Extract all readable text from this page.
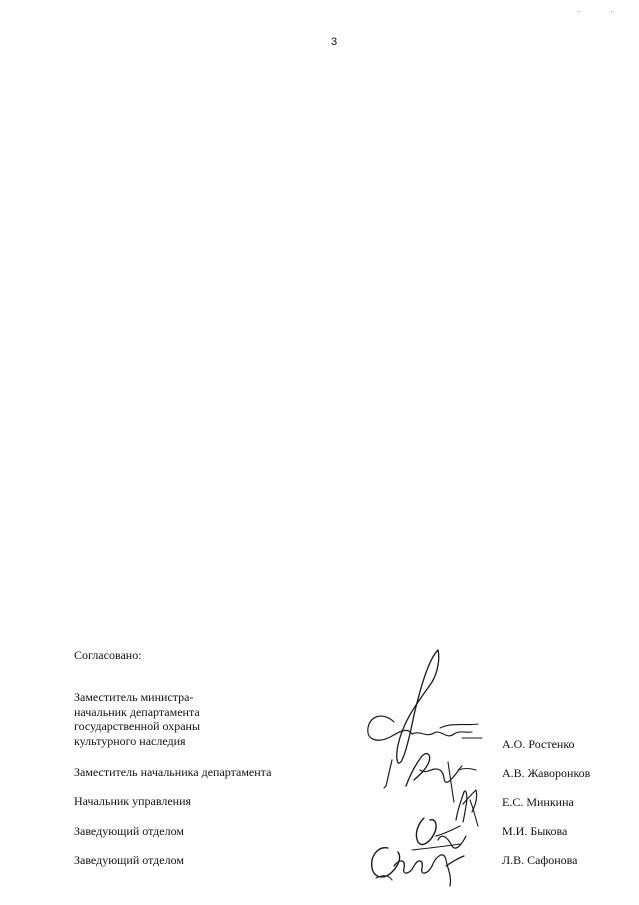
3
· ·
Согласовано:
Заместитель министра-
начальник департамента
государственной охраны
культурного наследия	А.О. Ростенко
Заместитель начальника департамента	А.В. Жаворонков
Начальник управления	Е.С. Минкина
Заведующий отделом	М.И. Быкова
Заведующий отделом	Л.В. Сафонова
